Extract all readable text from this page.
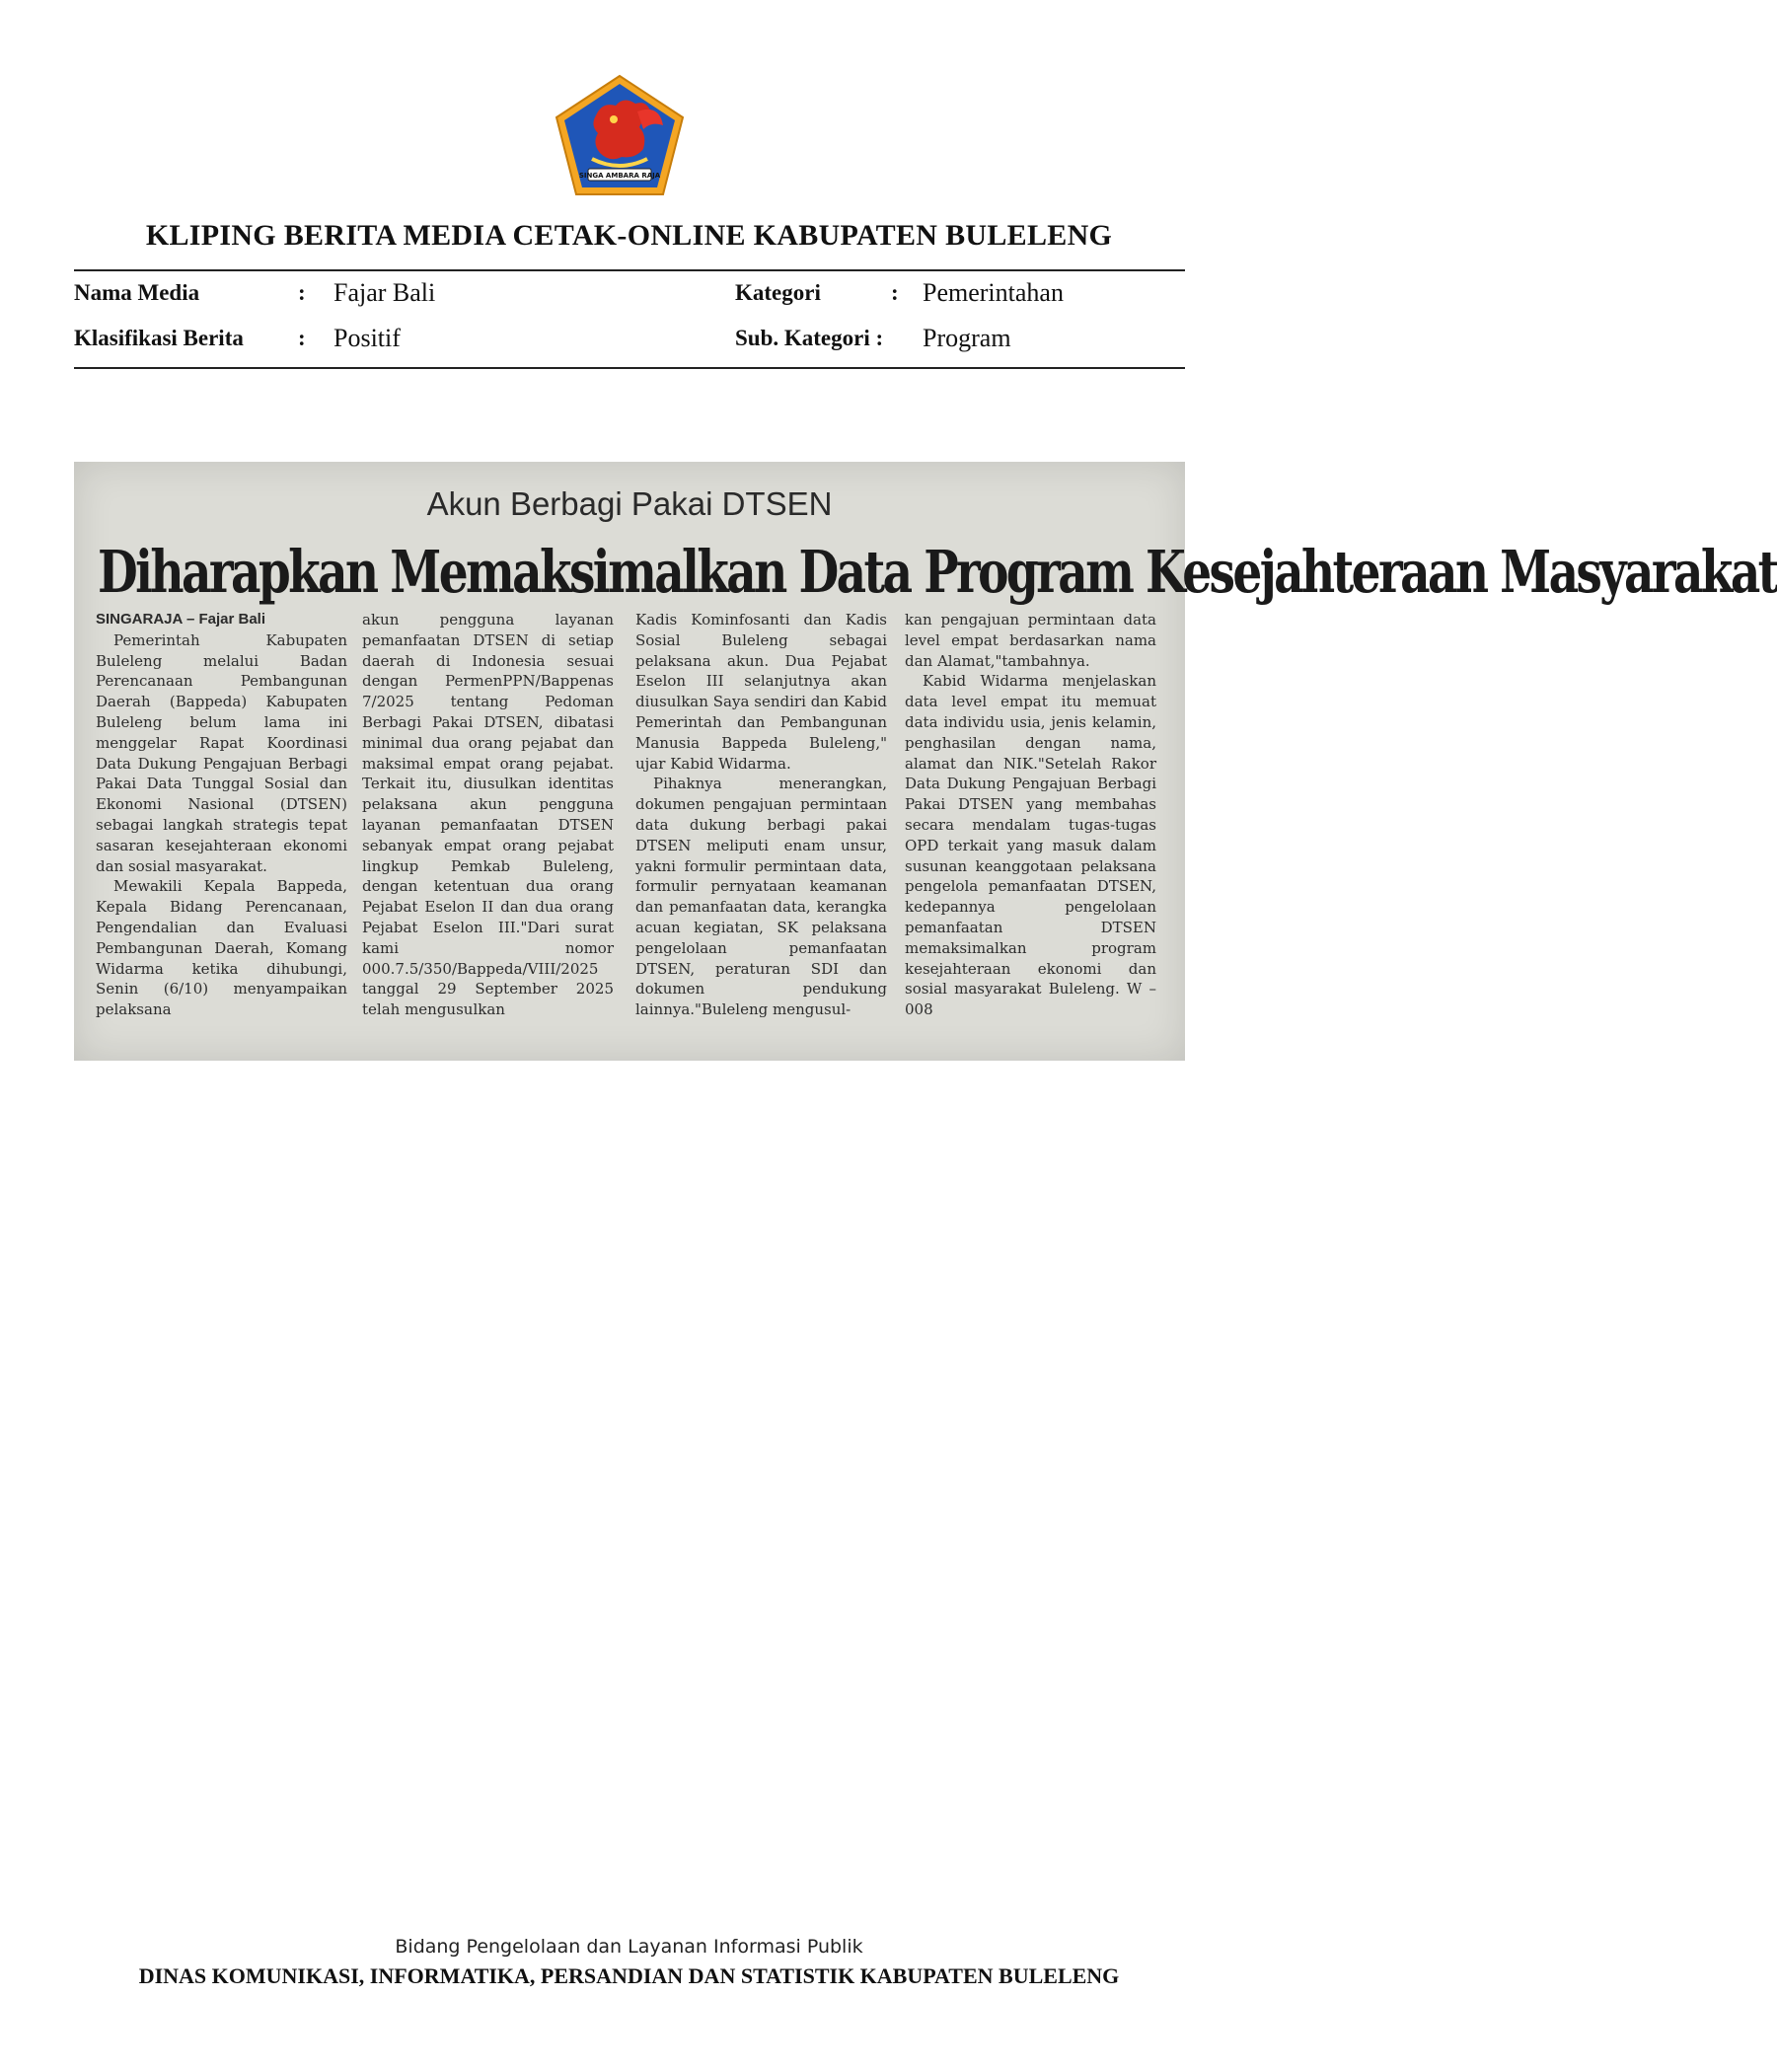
SINGA AMBARA RAJA
KLIPING BERITA MEDIA CETAK-ONLINE KABUPATEN BULELENG
Nama Media	: Fajar Bali	Kategori	: Pemerintahan
Klasifikasi Berita : Positif	Sub. Kategori : Program
Akun Berbagi Pakai DTSEN
Diharapkan Memaksimalkan Data Program Kesejahteraan Masyarakat
SINGARAJA – Fajar Bali

Pemerintah Kabupaten Buleleng melalui Badan Perencanaan Pembangunan Daerah (Bappeda) Kabupaten Buleleng belum lama ini menggelar Rapat Koordinasi Data Dukung Pengajuan Berbagi Pakai Data Tunggal Sosial dan Ekonomi Nasional (DTSEN) sebagai langkah strategis tepat sasaran kesejahteraan ekonomi dan sosial masyarakat.

Mewakili Kepala Bappeda, Kepala Bidang Perencanaan, Pengendalian dan Evaluasi Pembangunan Daerah, Komang Widarma ketika dihubungi, Senin (6/10) menyampaikan pelaksana

akun pengguna layanan pemanfaatan DTSEN di setiap daerah di Indonesia sesuai dengan PermenPPN/Bappenas 7/2025 tentang Pedoman Berbagi Pakai DTSEN, dibatasi minimal dua orang pejabat dan maksimal empat orang pejabat. Terkait itu, diusulkan identitas pelaksana akun pengguna layanan pemanfaatan DTSEN sebanyak empat orang pejabat lingkup Pemkab Buleleng, dengan ketentuan dua orang Pejabat Eselon II dan dua orang Pejabat Eselon III."Dari surat kami nomor 000.7.5/350/Bappeda/VIII/2025 tanggal 29 September 2025 telah mengusulkan

Kadis Kominfosanti dan Kadis Sosial Buleleng sebagai pelaksana akun. Dua Pejabat Eselon III selanjutnya akan diusulkan Saya sendiri dan Kabid Pemerintah dan Pembangunan Manusia Bappeda Buleleng," ujar Kabid Widarma.

Pihaknya menerangkan, dokumen pengajuan permintaan data dukung berbagi pakai DTSEN meliputi enam unsur, yakni formulir permintaan data, formulir pernyataan keamanan dan pemanfaatan data, kerangka acuan kegiatan, SK pelaksana pengelolaan pemanfaatan DTSEN, peraturan SDI dan dokumen pendukung lainnya."Buleleng mengusul-

kan pengajuan permintaan data level empat berdasarkan nama dan Alamat,"tambahnya.

Kabid Widarma menjelaskan data level empat itu memuat data individu usia, jenis kelamin, penghasilan dengan nama, alamat dan NIK."Setelah Rakor Data Dukung Pengajuan Berbagi Pakai DTSEN yang membahas secara mendalam tugas-tugas OPD terkait yang masuk dalam susunan keanggotaan pelaksana pengelola pemanfaatan DTSEN, kedepannya pengelolaan pemanfaatan DTSEN memaksimalkan program kesejahteraan ekonomi dan sosial masyarakat Buleleng. W – 008

Bidang Pengelolaan dan Layanan Informasi Publik
DINAS KOMUNIKASI, INFORMATIKA, PERSANDIAN DAN STATISTIK KABUPATEN BULELENG
